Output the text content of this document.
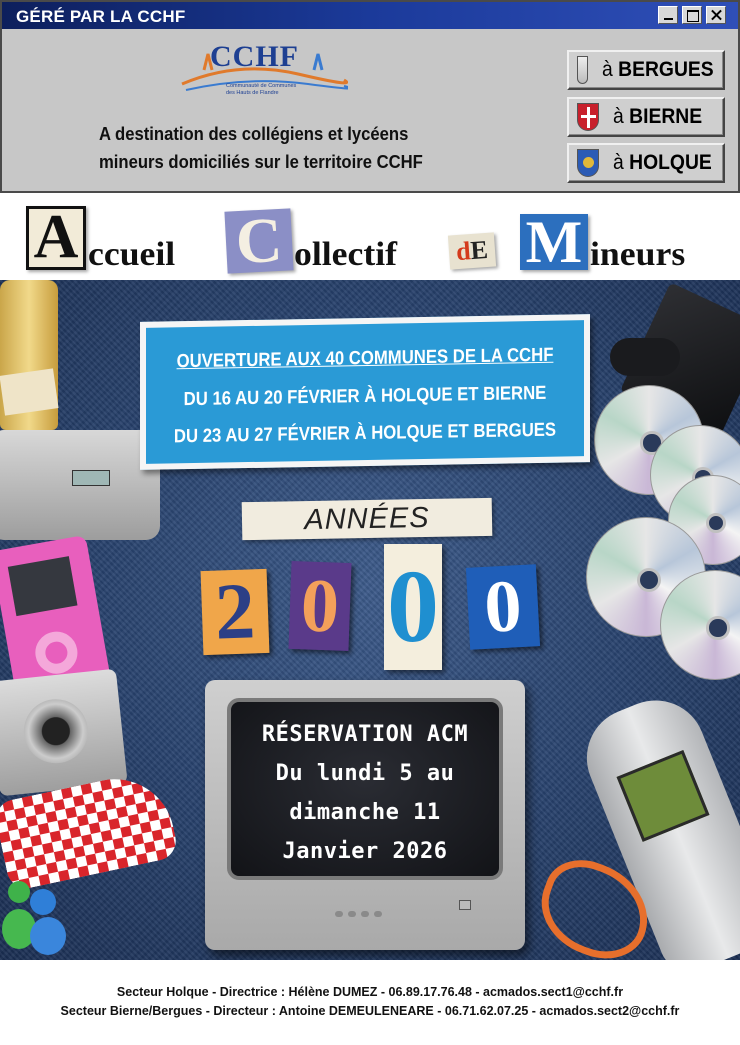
GÉRÉ PAR LA CCHF
CCHF
Communauté de Communes
des Hauts de Flandre
A destination des collégiens et lycéens
mineurs domiciliés sur le territoire CCHF
à BERGUES
à BIERNE
à HOLQUE
A ccueil C ollectif dE M ineurs
OUVERTURE AUX 40 COMMUNES DE LA CCHF
DU 16 AU 20 FÉVRIER À HOLQUE ET BIERNE
DU 23 AU 27 FÉVRIER À HOLQUE ET BERGUES
ANNÉES
2 0 0 0
RÉSERVATION ACM
Du lundi 5 au
dimanche 11
Janvier 2026
Secteur Holque - Directrice : Hélène DUMEZ - 06.89.17.76.48 - acmados.sect1@cchf.fr
Secteur Bierne/Bergues - Directeur : Antoine DEMEULENEARE - 06.71.62.07.25 - acmados.sect2@cchf.fr
